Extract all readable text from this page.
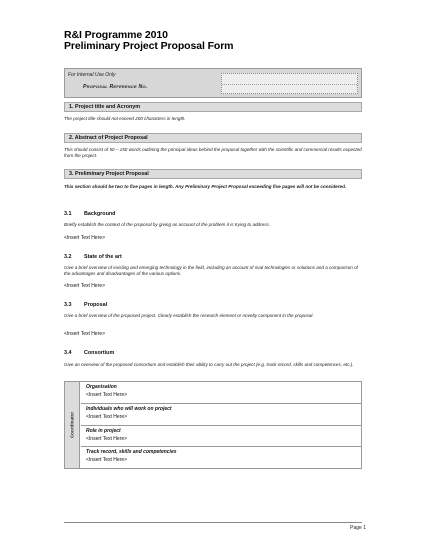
R&I Programme 2010
Preliminary Project Proposal Form
For Internal Use Only
Proposal Reference No.
1. Project title and Acronym
The project title should not exceed 200 characters in length.
2. Abstract of Project Proposal
This should consist of 50 – 150 words outlining the principal ideas behind the proposal together with the scientific and commercial results expected from the project.
3. Preliminary Project Proposal
This section should be two to five pages in length. Any Preliminary Project Proposal exceeding five pages will not be considered.
3.1 Background
Briefly establish the context of the proposal by giving an account of the problem it is trying to address.
<Insert Text Here>
3.2 State of the art
Give a brief overview of existing and emerging technology in the field, including an account of rival technologies or solutions and a comparison of the advantages and disadvantages of the various options.
<Insert Text Here>
3.3 Proposal
Give a brief overview of the proposed project. Clearly establish the research element or novelty component in the proposal.
<Insert Text Here>
3.4 Consortium
Give an overview of the proposed consortium and establish their ability to carry out the project (e.g. track record, skills and competences, etc.).
Coordinator
Organisation
<Insert Text Here>
Individuals who will work on project
<Insert Text Here>
Role in project
<Insert Text Here>
Track record, skills and competencies
<Insert Text Here>
Page 1
